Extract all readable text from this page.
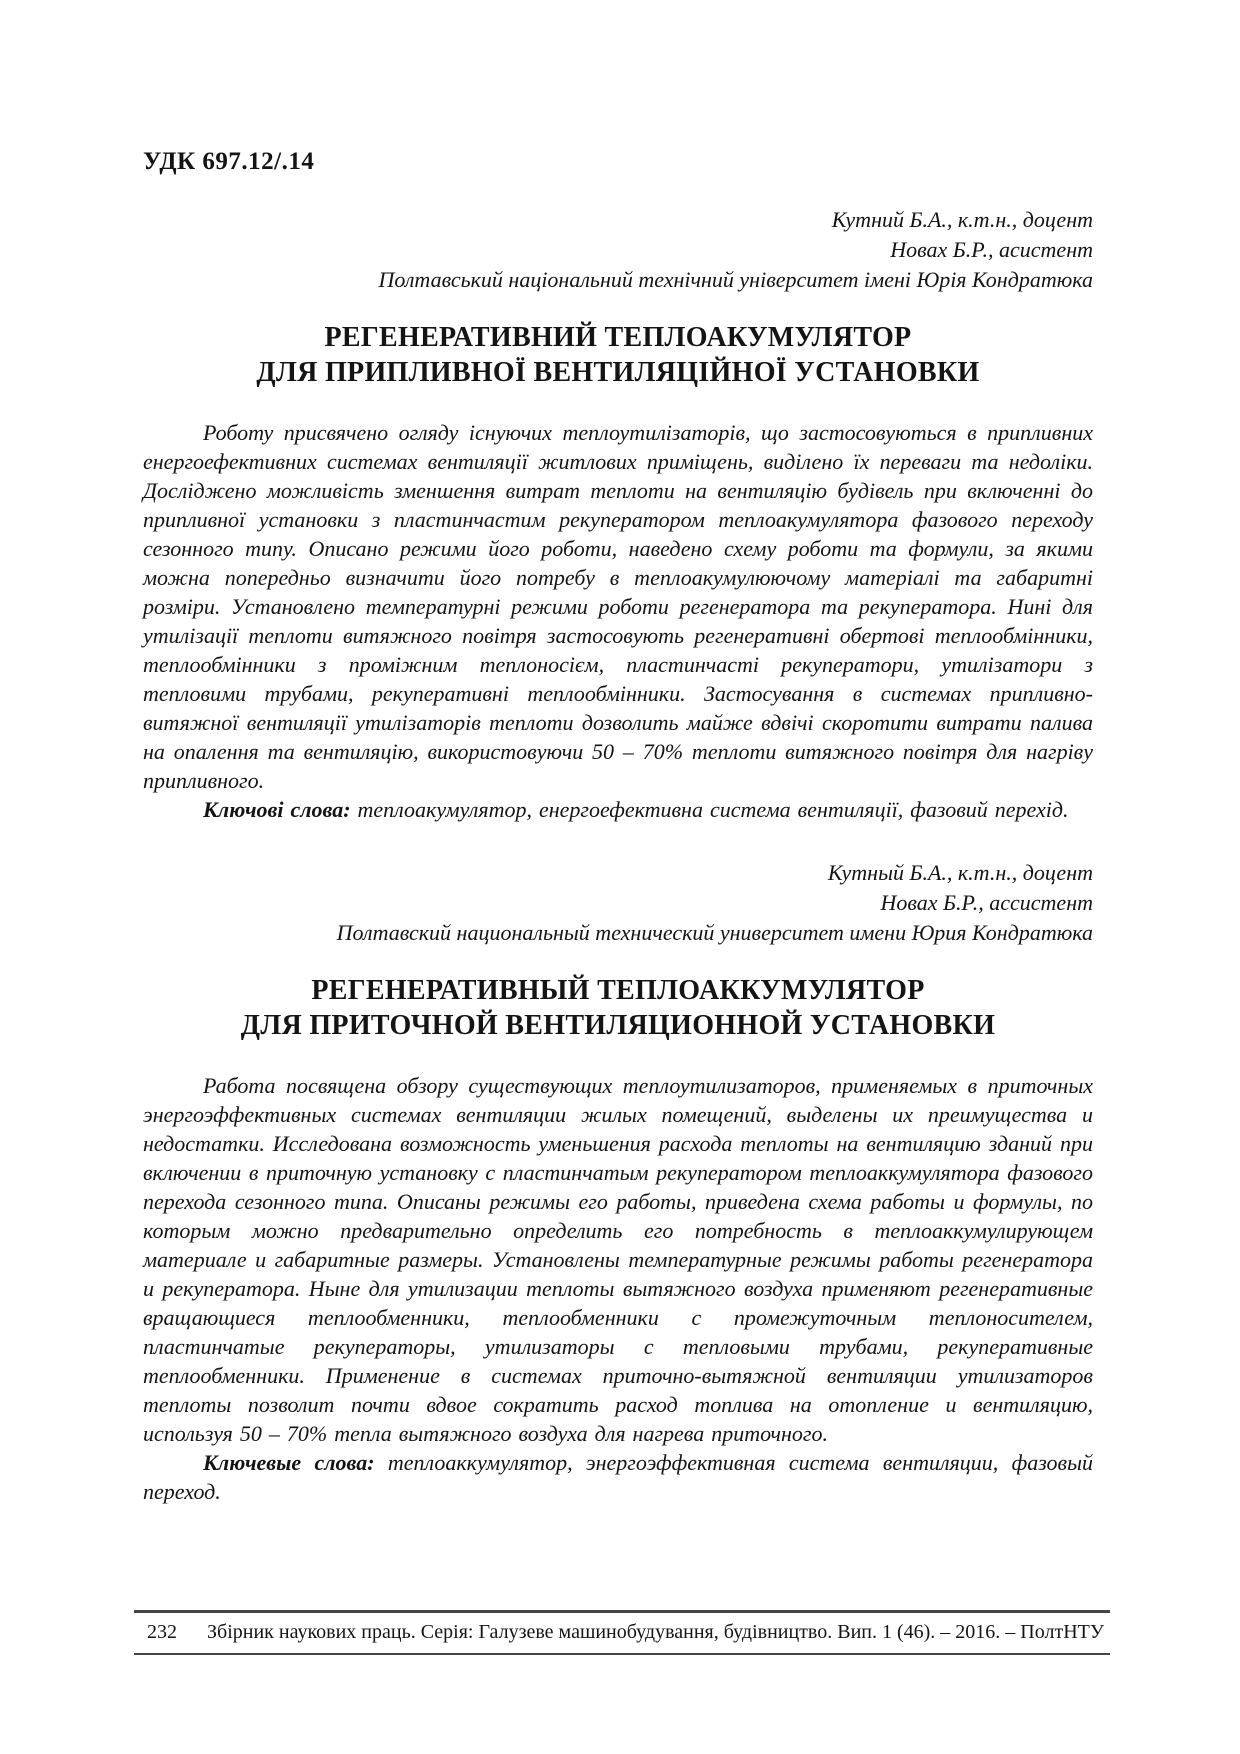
УДК 697.12/.14
Кутний Б.А., к.т.н., доцент
Новах Б.Р., асистент
Полтавський національний технічний університет імені Юрія Кондратюка
РЕГЕНЕРАТИВНИЙ ТЕПЛОАКУМУЛЯТОР
ДЛЯ ПРИПЛИВНОЇ ВЕНТИЛЯЦІЙНОЇ УСТАНОВКИ

Роботу присвячено огляду існуючих теплоутилізаторів, що застосовуються в припливних енергоефективних системах вентиляції житлових приміщень, виділено їх переваги та недоліки. Досліджено можливість зменшення витрат теплоти на вентиляцію будівель при включенні до припливної установки з пластинчастим рекуператором теплоакумулятора фазового переходу сезонного типу. Описано режими його роботи, наведено схему роботи та формули, за якими можна попередньо визначити його потребу в теплоакумулюючому матеріалі та габаритні розміри. Установлено температурні режими роботи регенератора та рекуператора. Нині для утилізації теплоти витяжного повітря застосовують регенеративні обертові теплообмінники, теплообмінники з проміжним теплоносієм, пластинчасті рекуператори, утилізатори з тепловими трубами, рекуперативні теплообмінники. Застосування в системах припливно-витяжної вентиляції утилізаторів теплоти дозволить майже вдвічі скоротити витрати палива на опалення та вентиляцію, використовуючи 50 – 70% теплоти витяжного повітря для нагріву припливного.

Ключові слова: теплоакумулятор, енергоефективна система вентиляції, фазовий перехід.

Кутный Б.А., к.т.н., доцент
Новах Б.Р., ассистент
Полтавский национальный технический университет имени Юрия Кондратюка
РЕГЕНЕРАТИВНЫЙ ТЕПЛОАККУМУЛЯТОР
ДЛЯ ПРИТОЧНОЙ ВЕНТИЛЯЦИОННОЙ УСТАНОВКИ

Работа посвящена обзору существующих теплоутилизаторов, применяемых в приточных энергоэффективных системах вентиляции жилых помещений, выделены их преимущества и недостатки. Исследована возможность уменьшения расхода теплоты на вентиляцию зданий при включении в приточную установку с пластинчатым рекуператором теплоаккумулятора фазового перехода сезонного типа. Описаны режимы его работы, приведена схема работы и формулы, по которым можно предварительно определить его потребность в теплоаккумулирующем материале и габаритные размеры. Установлены температурные режимы работы регенератора и рекуператора. Ныне для утилизации теплоты вытяжного воздуха применяют регенеративные вращающиеся теплообменники, теплообменники с промежуточным теплоносителем, пластинчатые рекуператоры, утилизаторы с тепловыми трубами, рекуперативные теплообменники. Применение в системах приточно-вытяжной вентиляции утилизаторов теплоты позволит почти вдвое сократить расход топлива на отопление и вентиляцию, используя 50 – 70% тепла вытяжного воздуха для нагрева приточного.

Ключевые слова: теплоаккумулятор, энергоэффективная система вентиляции, фазовый переход.

232 Збірник наукових праць. Серія: Галузеве машинобудування, будівництво. Вип. 1 (46). – 2016. – ПолтНТУ
